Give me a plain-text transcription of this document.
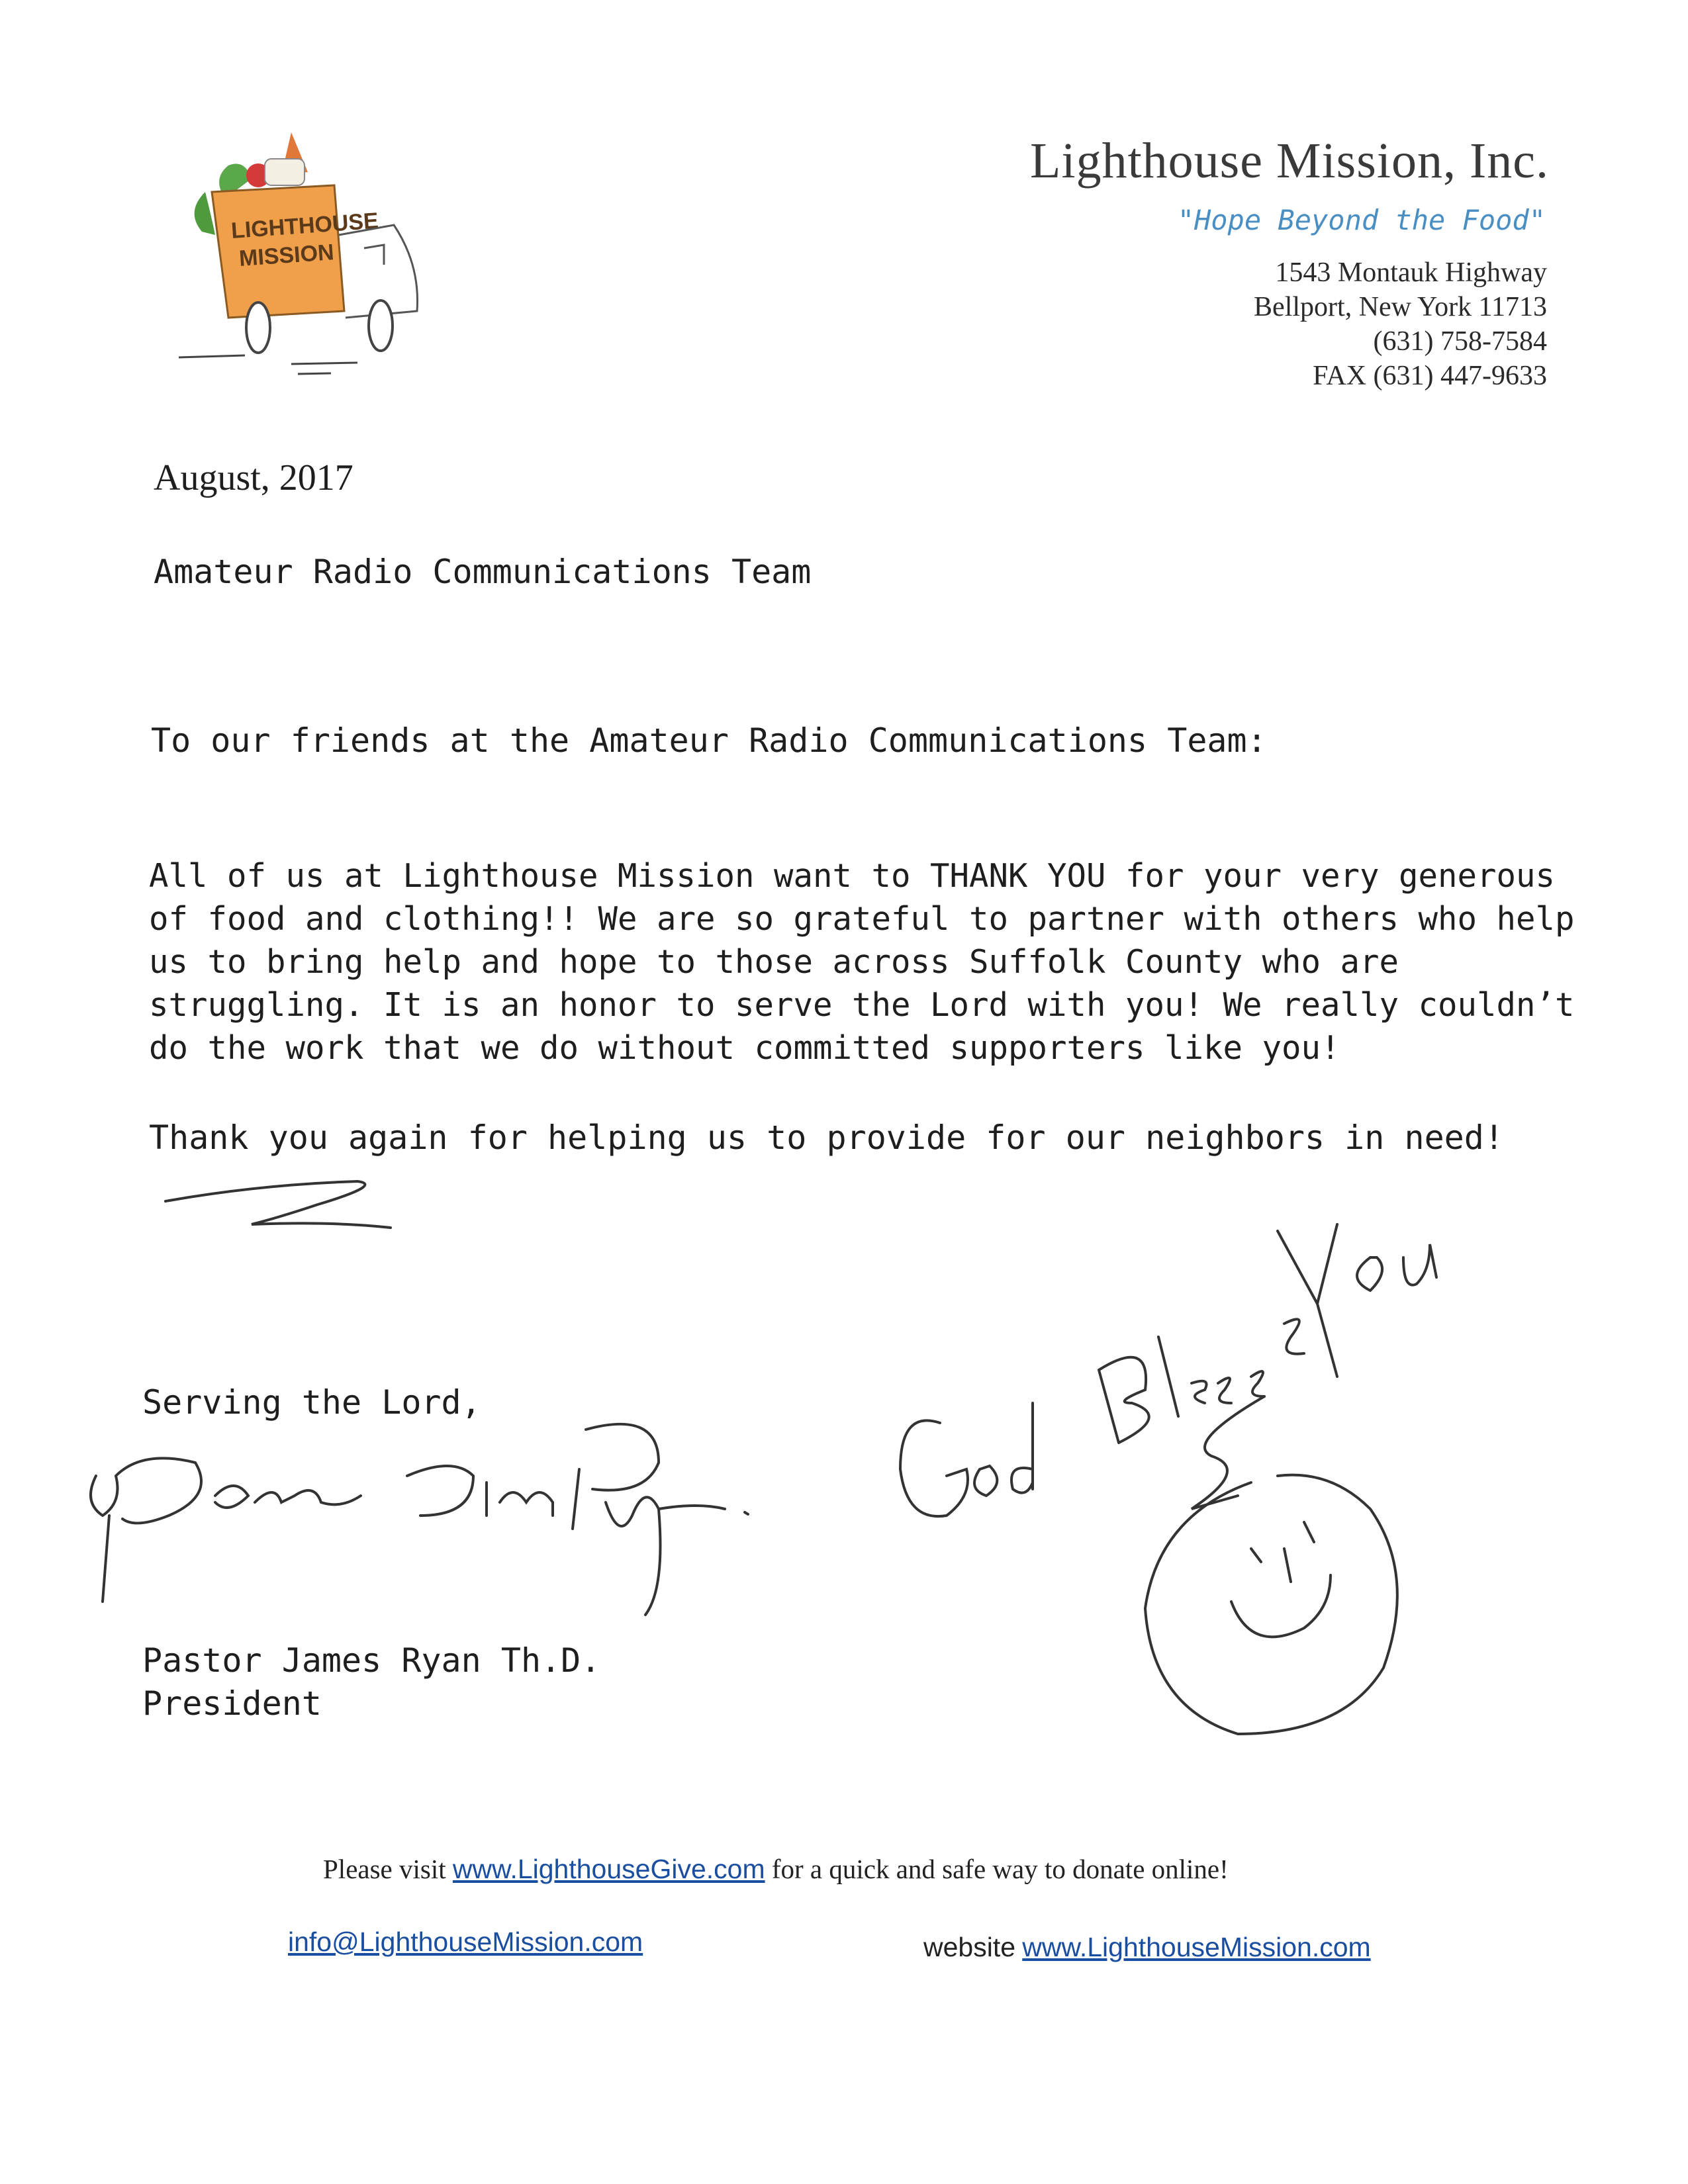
LIGHTHOUSE
MISSION
Lighthouse Mission, Inc.
"Hope Beyond the Food"
1543 Montauk Highway
Bellport, New York 11713
(631) 758-7584
FAX (631) 447-9633
August, 2017
Amateur Radio Communications Team
To our friends at the Amateur Radio Communications Team:
All of us at Lighthouse Mission want to THANK YOU for your very generous
of food and clothing!! We are so grateful to partner with others who help
us to bring help and hope to those across Suffolk County who are
struggling. It is an honor to serve the Lord with you! We really couldn’t
do the work that we do without committed supporters like you!
Thank you again for helping us to provide for our neighbors in need!
Serving the Lord,
Pastor James Ryan Th.D.
President
Please visit www.LighthouseGive.com for a quick and safe way to donate online!
info@LighthouseMission.com	website www.LighthouseMission.com
